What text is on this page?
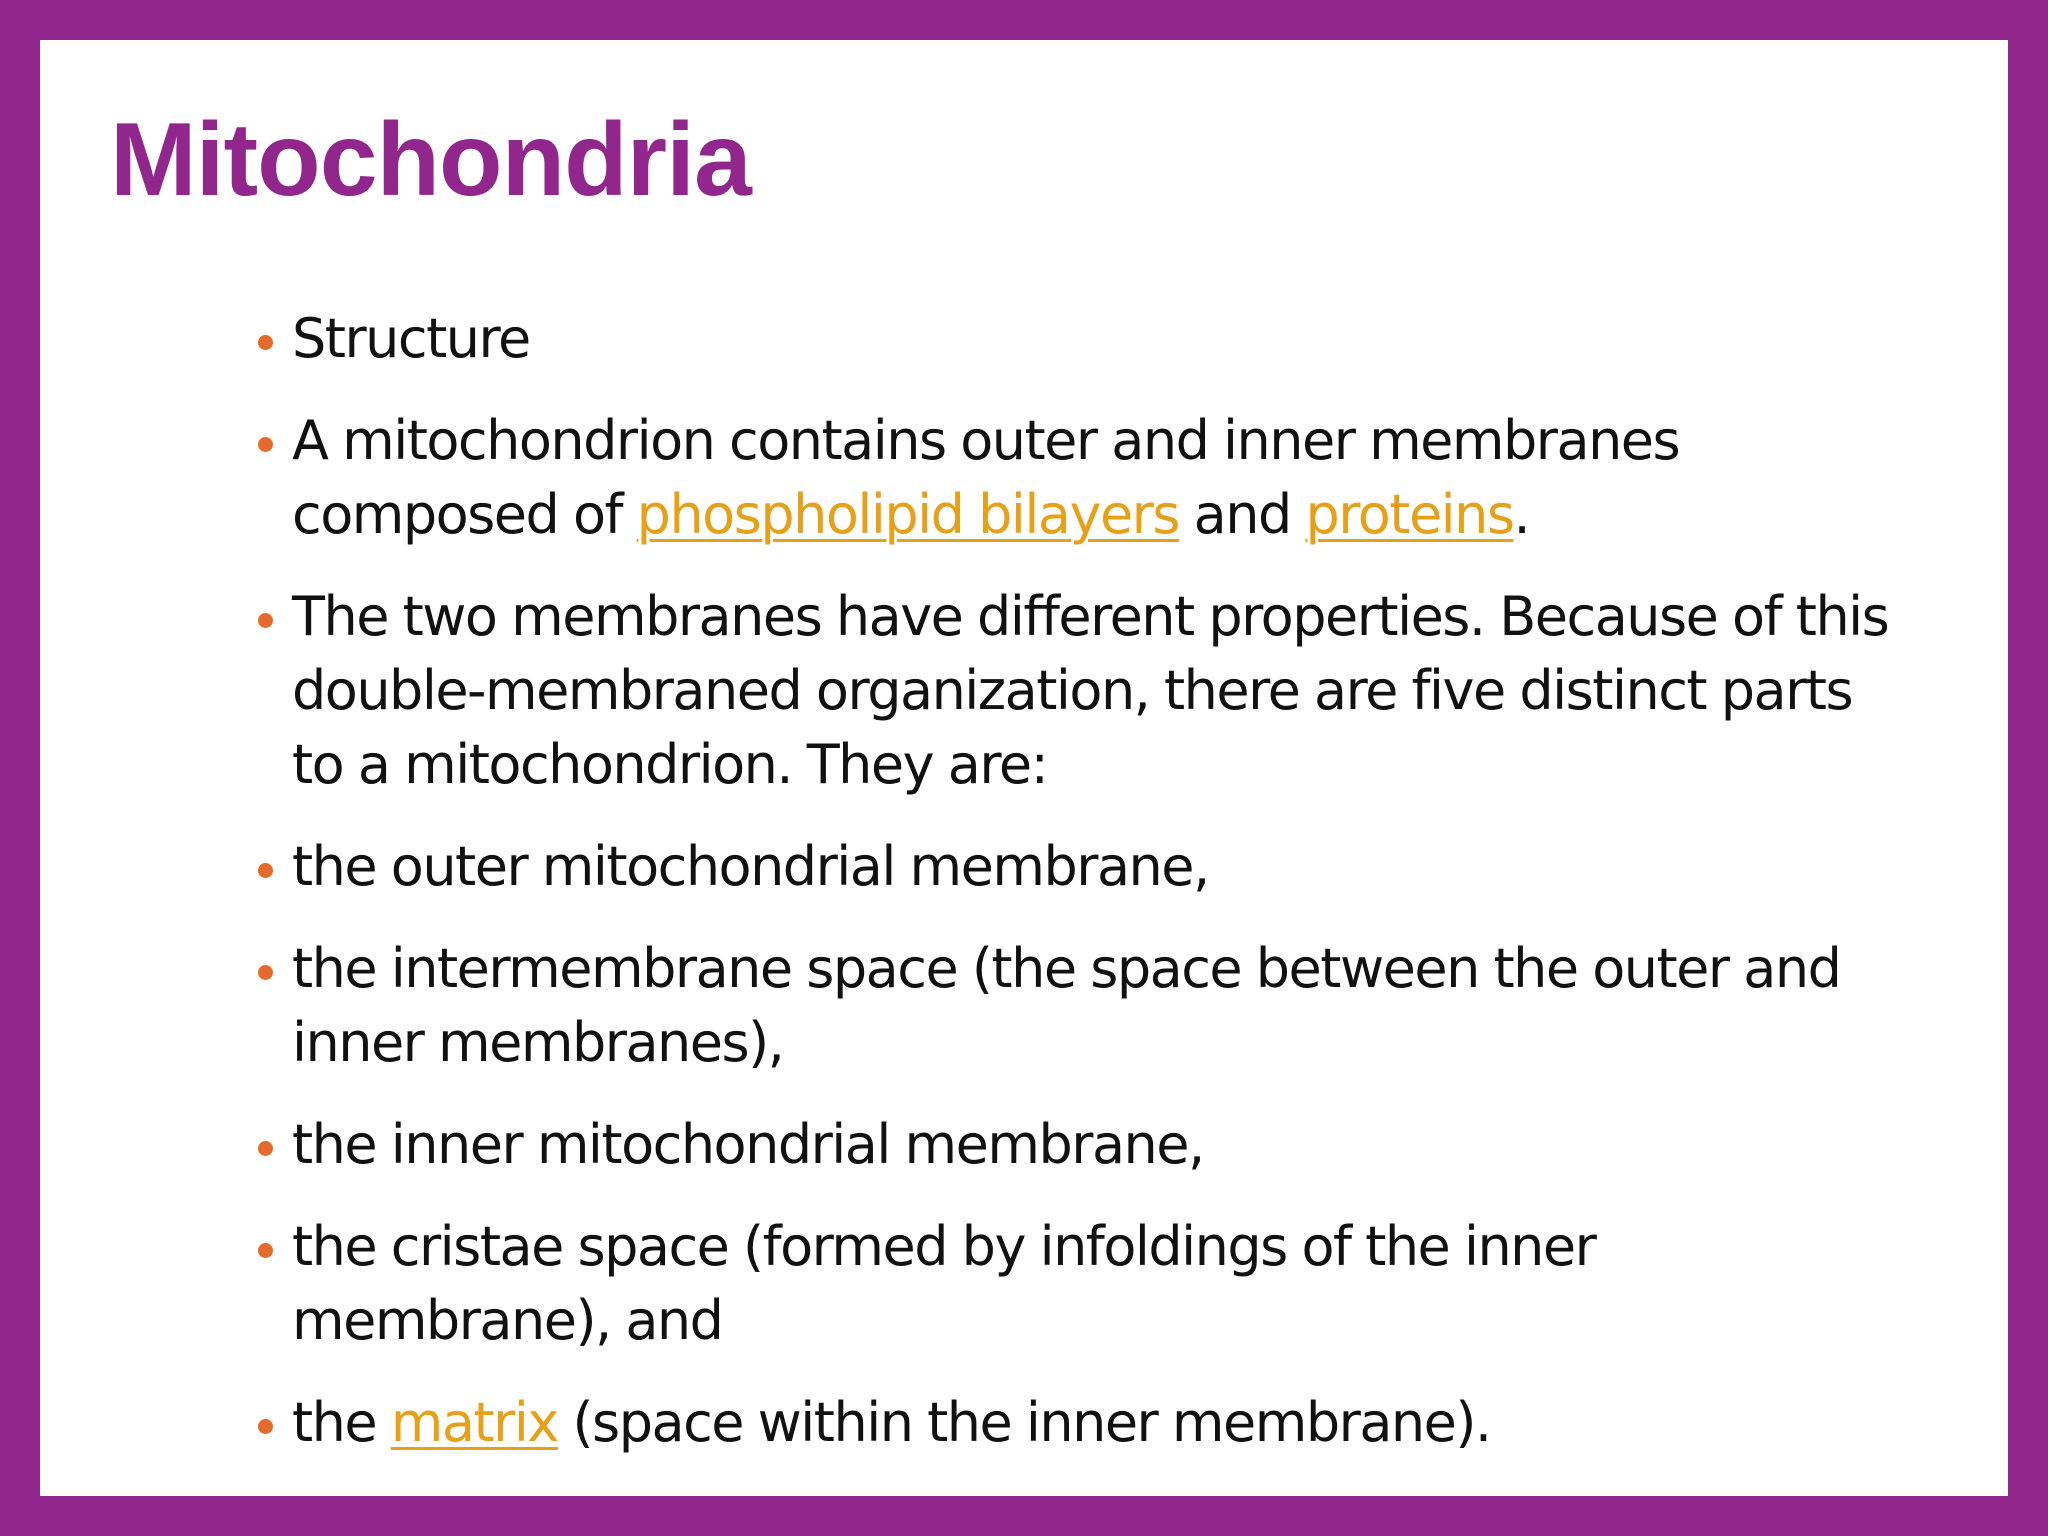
Mitochondria
Structure
A mitochondrion contains outer and inner membranes composed of phospholipid bilayers and proteins.
The two membranes have different properties. Because of this double-membraned organization, there are five distinct parts to a mitochondrion. They are:
the outer mitochondrial membrane,
the intermembrane space (the space between the outer and inner membranes),
the inner mitochondrial membrane,
the cristae space (formed by infoldings of the inner membrane), and
the matrix (space within the inner membrane).
